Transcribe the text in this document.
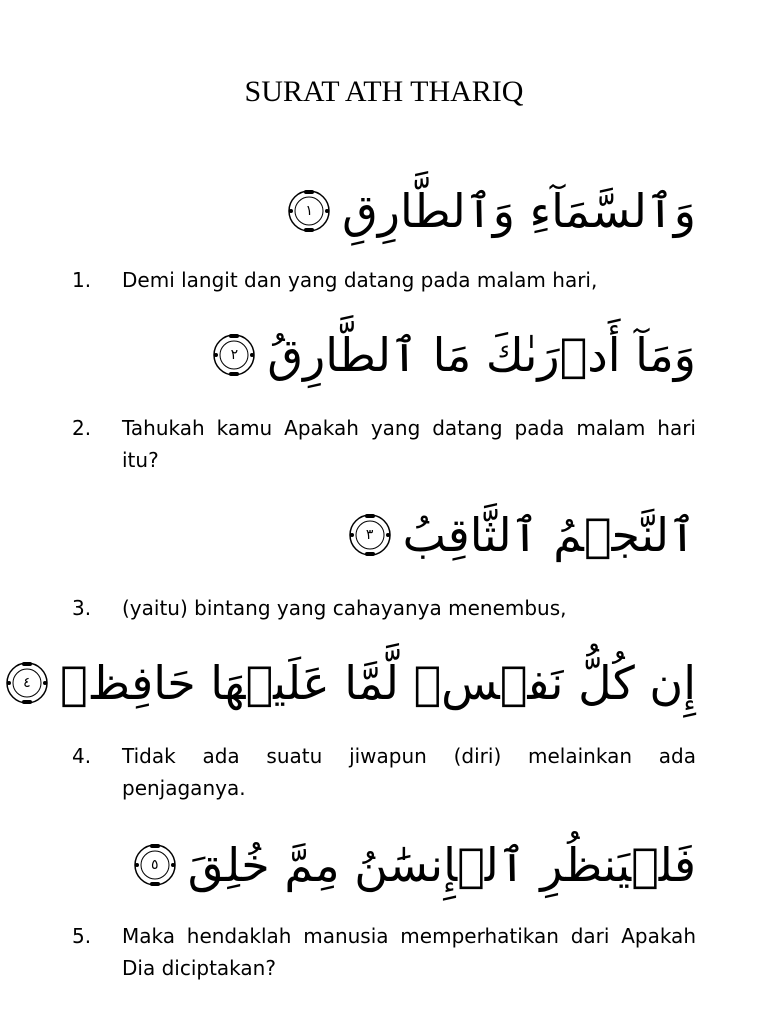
SURAT ATH THARIQ
وَٱلسَّمَآءِ وَٱلطَّارِقِ
١
1.	Demi langit dan yang datang pada malam hari,
وَمَآ أَدۡرَىٰكَ مَا ٱلطَّارِقُ
٢
2.	Tahukah kamu Apakah yang datang pada malam hari itu?
ٱلنَّجۡمُ ٱلثَّاقِبُ
٣
3.	(yaitu) bintang yang cahayanya menembus,
إِن كُلُّ نَفۡسٖ لَّمَّا عَلَيۡهَا حَافِظٞ
٤
4.	Tidak ada suatu jiwapun (diri) melainkan ada penjaganya.
فَلۡيَنظُرِ ٱلۡإِنسَٰنُ مِمَّ خُلِقَ
٥
5.	Maka hendaklah manusia memperhatikan dari Apakah Dia diciptakan?
